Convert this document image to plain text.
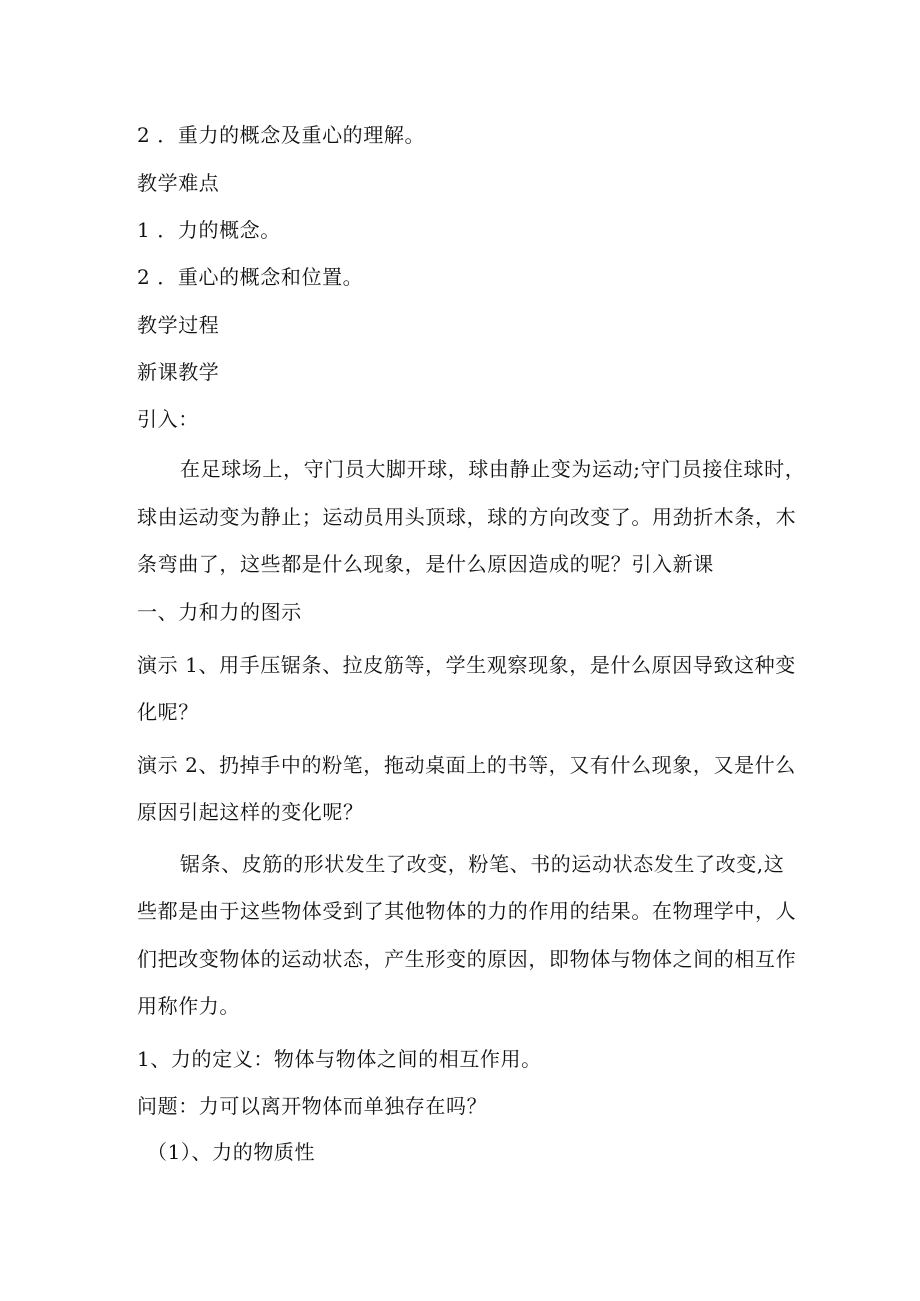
2 ．重力的概念及重心的理解。
教学难点
1 ．力的概念。
2 ．重心的概念和位置。
教学过程
新课教学
引入：
在足球场上，守门员大脚开球，球由静止变为运动;守门员接住球时，
球由运动变为静止；运动员用头顶球，球的方向改变了。用劲折木条，木
条弯曲了，这些都是什么现象，是什么原因造成的呢？引入新课
一、力和力的图示
演示 1、用手压锯条、拉皮筋等，学生观察现象，是什么原因导致这种变
化呢？
演示 2、扔掉手中的粉笔，拖动桌面上的书等，又有什么现象，又是什么
原因引起这样的变化呢？
锯条、皮筋的形状发生了改变，粉笔、书的运动状态发生了改变,这
些都是由于这些物体受到了其他物体的力的作用的结果。在物理学中，人
们把改变物体的运动状态，产生形变的原因，即物体与物体之间的相互作
用称作力。
1、力的定义：物体与物体之间的相互作用。
问题：力可以离开物体而单独存在吗？
（1）、力的物质性
